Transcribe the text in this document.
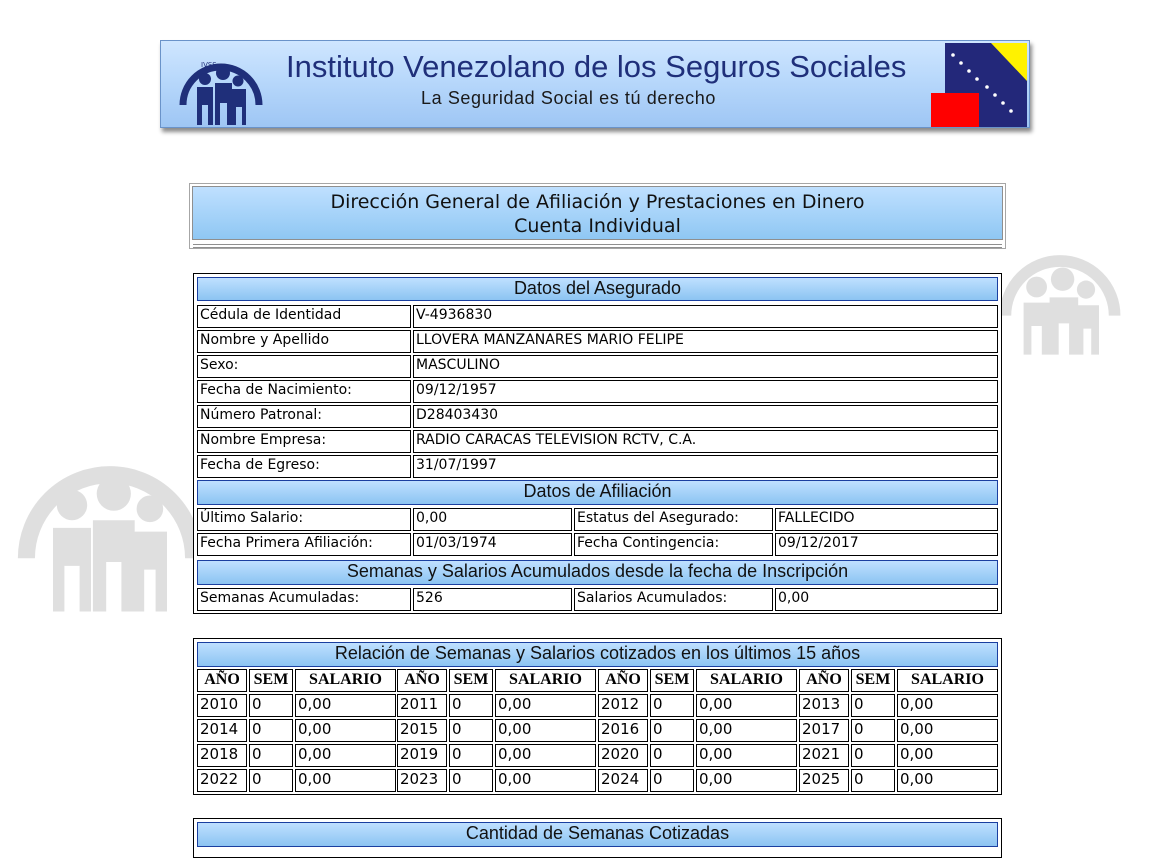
IVSS Instituto Venezolano de los Seguros Sociales
La Seguridad Social es tú derecho
Dirección General de Afiliación y Prestaciones en Dinero
Cuenta Individual
Datos del Asegurado
Cédula de Identidad	V-4936830
Nombre y Apellido	LLOVERA MANZANARES MARIO FELIPE
Sexo:	MASCULINO
Fecha de Nacimiento:	09/12/1957
Número Patronal:	D28403430
Nombre Empresa:	RADIO CARACAS TELEVISION RCTV, C.A.
Fecha de Egreso:	31/07/1997
Datos de Afiliación
Último Salario:	0,00	Estatus del Asegurado:	FALLECIDO
Fecha Primera Afiliación:	01/03/1974	Fecha Contingencia:	09/12/2017
Semanas y Salarios Acumulados desde la fecha de Inscripción
Semanas Acumuladas:	526	Salarios Acumulados:	0,00
Relación de Semanas y Salarios cotizados en los últimos 15 años
AÑO SEM	SALARIO	AÑO SEM	SALARIO	AÑO SEM	SALARIO	AÑO SEM	SALARIO
2010 0	0,00	2011 0	0,00	2012 0	0,00	2013 0	0,00
2014 0	0,00	2015 0	0,00	2016 0	0,00	2017 0	0,00
2018 0	0,00	2019 0	0,00	2020 0	0,00	2021 0	0,00
2022 0	0,00	2023 0	0,00	2024 0	0,00	2025 0	0,00
Cantidad de Semanas Cotizadas
